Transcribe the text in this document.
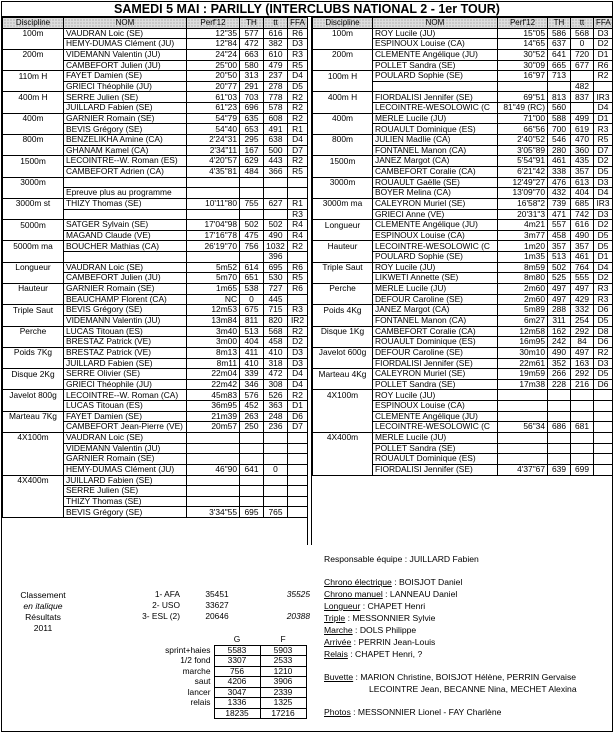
SAMEDI 5 MAI : PARILLY (INTERCLUBS NATIONAL 2 - 1er TOUR)
Discipline	NOM	Perf'12	TH	tt	FFA
100m	VAUDRAN Loic (SE)	12"35	577	616	R6
	HEMY-DUMAS Clément (JU)	12"84	472	382	D3
200m	VIDEMANN Valentin (JU)	24"24	663	610	R3
	CAMBEFORT Julien (JU)	25"00	580	479	R5
110m H	FAYET Damien (SE)	20"50	313	237	D4
	GRIECI Théophile (JU)	20"77	291	278	D5
400m H	SERRE Julien (SE)	61"03	703	778	R2
	JUILLARD Fabien (SE)	61"23	696	578	R2
400m	GARNIER Romain (SE)	54"79	635	608	R2
	BEVIS Grégory (SE)	54"40	653	491	R1
800m	BENZELIKHA Amine (CA)	2'24"31	295	638	D4
	GHANAM Kamel (CA)	2'34"11	167	500	D7
1500m	LECOINTRE--W. Roman (ES)	4'20"57	629	443	R2
	CAMBEFORT Adrien (CA)	4'35"81	484	366	R5
3000m					
	Epreuve plus au programme				
3000m st	THIZY Thomas (SE)	10'11"80	755	627	R1
					R3
5000m	SATGER Sylvain (SE)	17'04"98	502	502	R4
	MAGAND Claude (VE)	17'16"78	475	490	R4
5000m ma	BOUCHER Mathias (CA)	26'19"70	756	1032	R2
				396	
Longueur	VAUDRAN Loic (SE)	5m52	614	695	R6
	CAMBEFORT Julien (JU)	5m70	651	530	R5
Hauteur	GARNIER Romain (SE)	1m65	538	727	R6
	BEAUCHAMP Florent (CA)	NC	0	445	
Triple Saut	BEVIS Grégory (SE)	12m53	675	715	R3
	VIDEMANN Valentin (JU)	13m84	811	820	IR2
Perche	LUCAS Titouan (ES)	3m40	513	568	R2
	BRESTAZ Patrick (VE)	3m00	404	458	D2
Poids 7Kg	BRESTAZ Patrick (VE)	8m13	411	410	D3
	JUILLARD Fabien (SE)	8m11	410	318	D3
Disque 2Kg	SERRE Olivier (SE)	22m04	339	472	D4
	GRIECI Théophile (JU)	22m42	346	308	D4
Javelot 800g	LECOINTRE--W. Roman (CA)	45m83	576	526	R2
	LUCAS Titouan (ES)	36m95	452	363	D1
Marteau 7Kg	FAYET Damien (SE)	21m39	263	248	D6
	CAMBEFORT Jean-Pierre (VE)	20m57	250	236	D7
4X100m	VAUDRAN Loic (SE)				
	VIDEMANN Valentin (JU)				
	GARNIER Romain (SE)				
	HEMY-DUMAS Clément (JU)	46"90	641	0	
4X400m	JUILLARD Fabien (SE)				
	SERRE Julien (SE)				
	THIZY Thomas (SE)				
	BEVIS Grégory (SE)	3'34"55	695	765	
Discipline	NOM	Perf'12	TH	tt	FFA
100m	ROY Lucile (JU)	15"05	586	568	D3
	ESPINOUX Louise (CA)	14"65	637	0	D2
200m	CLEMENTE Angélique (JU)	30"52	641	720	D1
	POLLET Sandra (SE)	30"09	665	677	R6
100m H	POULARD Sophie (SE)	16"97	713		R2
				482	
400m H	FIORDALISI Jennifer (SE)	69"51	813	837	IR3
	LECOINTRE-WESOLOWIC (C	81"49 (RC)	560		D4
400m	MERLE Lucile (JU)	71"00	588	499	D1
	ROUAULT Dominique (ES)	66"56	700	619	R3
800m	JULIEN Madlie (CA)	2'40"52	546	470	R5
	FONTANEL Manon (CA)	3'05"89	280	360	D7
1500m	JANEZ Margot (CA)	5'54"91	461	435	D2
	CAMBEFORT Coralie (CA)	6'21"42	338	357	D5
3000m	ROUAULT Gaëlle (SE)	12'49"27	476	613	D3
	BOYER Melina (CA)	13'09"70	432	404	D4
3000m ma	CALEYRON Muriel (SE)	16'58"2	739	685	IR3
	GRIECI Anne (VE)	20'31"3	471	742	D3
Longueur	CLEMENTE Angélique (JU)	4m21	557	616	D2
	ESPINOUX Louise (CA)	3m77	458	490	D5
Hauteur	LECOINTRE-WESOLOWIC (C	1m20	357	357	D5
	POULARD Sophie (SE)	1m35	513	461	D1
Triple Saut	ROY Lucile (JU)	8m59	502	764	D4
	LIKWETI Annette (SE)	8m80	525	555	D2
Perche	MERLE Lucile (JU)	2m60	497	497	R3
	DEFOUR Caroline (SE)	2m60	497	429	R3
Poids 4Kg	JANEZ Margot (CA)	5m89	288	332	D6
	FONTANEL Manon (CA)	6m27	311	254	D5
Disque 1Kg	CAMBEFORT Coralie (CA)	12m58	162	292	D8
	ROUAULT Dominique (ES)	16m95	242	84	D6
Javelot 600g	DEFOUR Caroline (SE)	30m10	490	497	R2
	FIORDALISI Jennifer (SE)	22m61	352	163	D3
Marteau 4Kg	CALEYRON Muriel (SE)	19m59	266	292	D5
	POLLET Sandra (SE)	17m38	228	216	D6
4X100m	ROY Lucile (JU)				
	ESPINOUX Louise (CA)				
	CLEMENTE Angélique (JU)				
	LECOINTRE-WESOLOWIC (C	56"34	686	681	
4X400m	MERLE Lucile (JU)				
	POLLET Sandra (SE)				
	ROUAULT Dominique (ES)				
	FIORDALISI Jennifer (SE)	4'37"67	639	699	
Classement
en italique
Résultats
2011
1- AFA	35451	35525
2- USO	33627	
3- ESL (2)	20646	20388
	G	F
sprint+haies	5583	5903
1/2 fond	3307	2533
marche	756	1210
saut	4206	3906
lancer	3047	2339
relais	1336	1325
	18235	17216
Responsable équipe : JUILLARD Fabien
Chrono électrique : BOISJOT Daniel
Chrono manuel : LANNEAU Daniel
Longueur : CHAPET Henri
Triple : MESSONNIER Sylvie
Marche : DOLS Philippe
Arrivée : PERRIN Jean-Louis
Relais : CHAPET Henri, ?
Buvette : MARION Christine, BOISJOT Hélène, PERRIN Gervaise
LECOINTRE Jean, BECANNE Nina, MECHET Alexina
Photos : MESSONNIER Lionel - FAY Charlène
